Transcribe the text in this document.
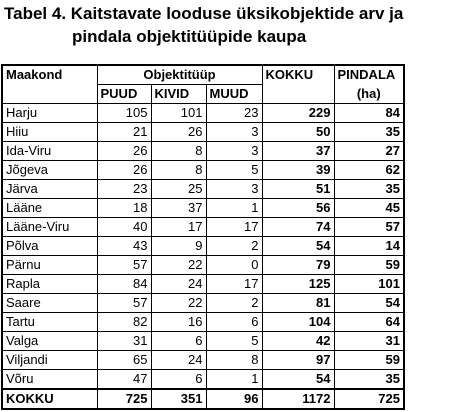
Tabel 4. Kaitstavate looduse üksikobjektide arv ja
pindala objektitüüpide kaupa
Maakond	Objektitüüp			KOKKU	PINDALA
	PUUD	KIVID	MUUD		(ha)
Harju	105	101	23	229	84
Hiiu	21	26	3	50	35
Ida-Viru	26	8	3	37	27
Jõgeva	26	8	5	39	62
Järva	23	25	3	51	35
Lääne	18	37	1	56	45
Lääne-Viru	40	17	17	74	57
Põlva	43	9	2	54	14
Pärnu	57	22	0	79	59
Rapla	84	24	17	125	101
Saare	57	22	2	81	54
Tartu	82	16	6	104	64
Valga	31	6	5	42	31
Viljandi	65	24	8	97	59
Võru	47	6	1	54	35
KOKKU	725	351	96	1172	725
